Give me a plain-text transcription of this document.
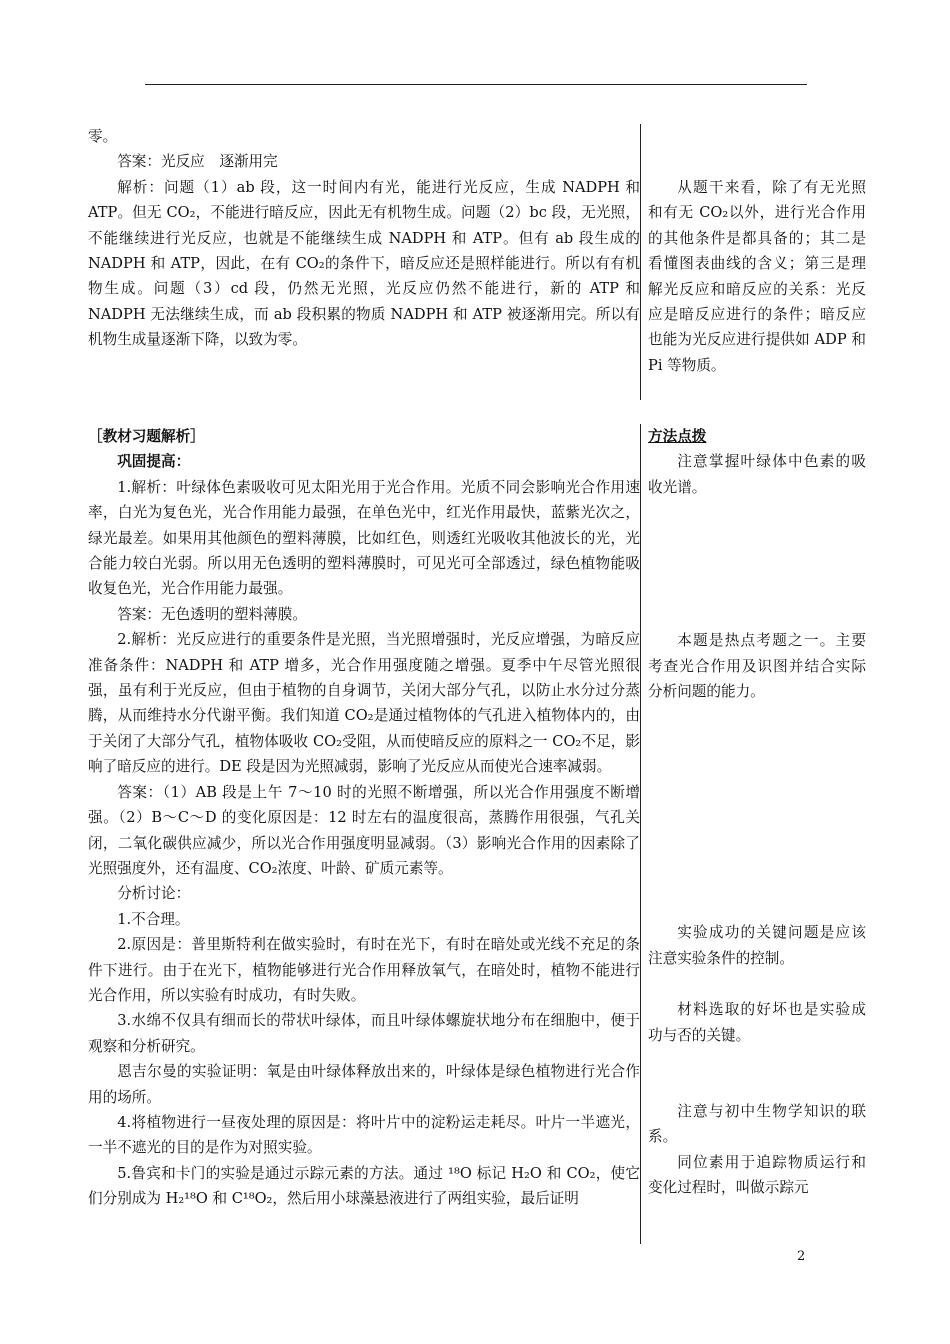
零。

答案：光反应　逐渐用完

解析：问题（1）ab 段，这一时间内有光，能进行光反应，生成 NADPH 和 ATP。但无 CO₂，不能进行暗反应，因此无有机物生成。问题（2）bc 段，无光照，不能继续进行光反应，也就是不能继续生成 NADPH 和 ATP。但有 ab 段生成的 NADPH 和 ATP，因此，在有 CO₂的条件下，暗反应还是照样能进行。所以有有机物生成。问题（3）cd 段，仍然无光照，光反应仍然不能进行，新的 ATP 和 NADPH 无法继续生成，而 ab 段积累的物质 NADPH 和 ATP 被逐渐用完。所以有机物生成量逐渐下降，以致为零。

从题干来看，除了有无光照和有无 CO₂以外，进行光合作用的其他条件是都具备的；其二是看懂图表曲线的含义；第三是理解光反应和暗反应的关系：光反应是暗反应进行的条件；暗反应也能为光反应进行提供如 ADP 和 Pi 等物质。

［教材习题解析］

巩固提高：

1.解析：叶绿体色素吸收可见太阳光用于光合作用。光质不同会影响光合作用速率，白光为复色光，光合作用能力最强，在单色光中，红光作用最快，蓝紫光次之，绿光最差。如果用其他颜色的塑料薄膜，比如红色，则透红光吸收其他波长的光，光合能力较白光弱。所以用无色透明的塑料薄膜时，可见光可全部透过，绿色植物能吸收复色光，光合作用能力最强。

答案：无色透明的塑料薄膜。

2.解析：光反应进行的重要条件是光照，当光照增强时，光反应增强，为暗反应准备条件：NADPH 和 ATP 增多，光合作用强度随之增强。夏季中午尽管光照很强，虽有利于光反应，但由于植物的自身调节，关闭大部分气孔，以防止水分过分蒸腾，从而维持水分代谢平衡。我们知道 CO₂是通过植物体的气孔进入植物体内的，由于关闭了大部分气孔，植物体吸收 CO₂受阻，从而使暗反应的原料之一 CO₂不足，影响了暗反应的进行。DE 段是因为光照减弱，影响了光反应从而使光合速率减弱。

答案：（1）AB 段是上午 7～10 时的光照不断增强，所以光合作用强度不断增强。（2）B～C～D 的变化原因是：12 时左右的温度很高，蒸腾作用很强，气孔关闭，二氧化碳供应减少，所以光合作用强度明显减弱。（3）影响光合作用的因素除了光照强度外，还有温度、CO₂浓度、叶龄、矿质元素等。

分析讨论：

1.不合理。

2.原因是：普里斯特利在做实验时，有时在光下，有时在暗处或光线不充足的条件下进行。由于在光下，植物能够进行光合作用释放氧气，在暗处时，植物不能进行光合作用，所以实验有时成功，有时失败。

3.水绵不仅具有细而长的带状叶绿体，而且叶绿体螺旋状地分布在细胞中，便于观察和分析研究。

恩吉尔曼的实验证明：氧是由叶绿体释放出来的，叶绿体是绿色植物进行光合作用的场所。

4.将植物进行一昼夜处理的原因是：将叶片中的淀粉运走耗尽。叶片一半遮光，一半不遮光的目的是作为对照实验。

5.鲁宾和卡门的实验是通过示踪元素的方法。通过 ¹⁸O 标记 H₂O 和 CO₂，使它们分别成为 H₂¹⁸O 和 C¹⁸O₂，然后用小球藻悬液进行了两组实验，最后证明

方法点拨

注意掌握叶绿体中色素的吸收光谱。

本题是热点考题之一。主要考查光合作用及识图并结合实际分析问题的能力。

实验成功的关键问题是应该注意实验条件的控制。

材料选取的好坏也是实验成功与否的关键。

注意与初中生物学知识的联系。

同位素用于追踪物质运行和变化过程时，叫做示踪元

2
